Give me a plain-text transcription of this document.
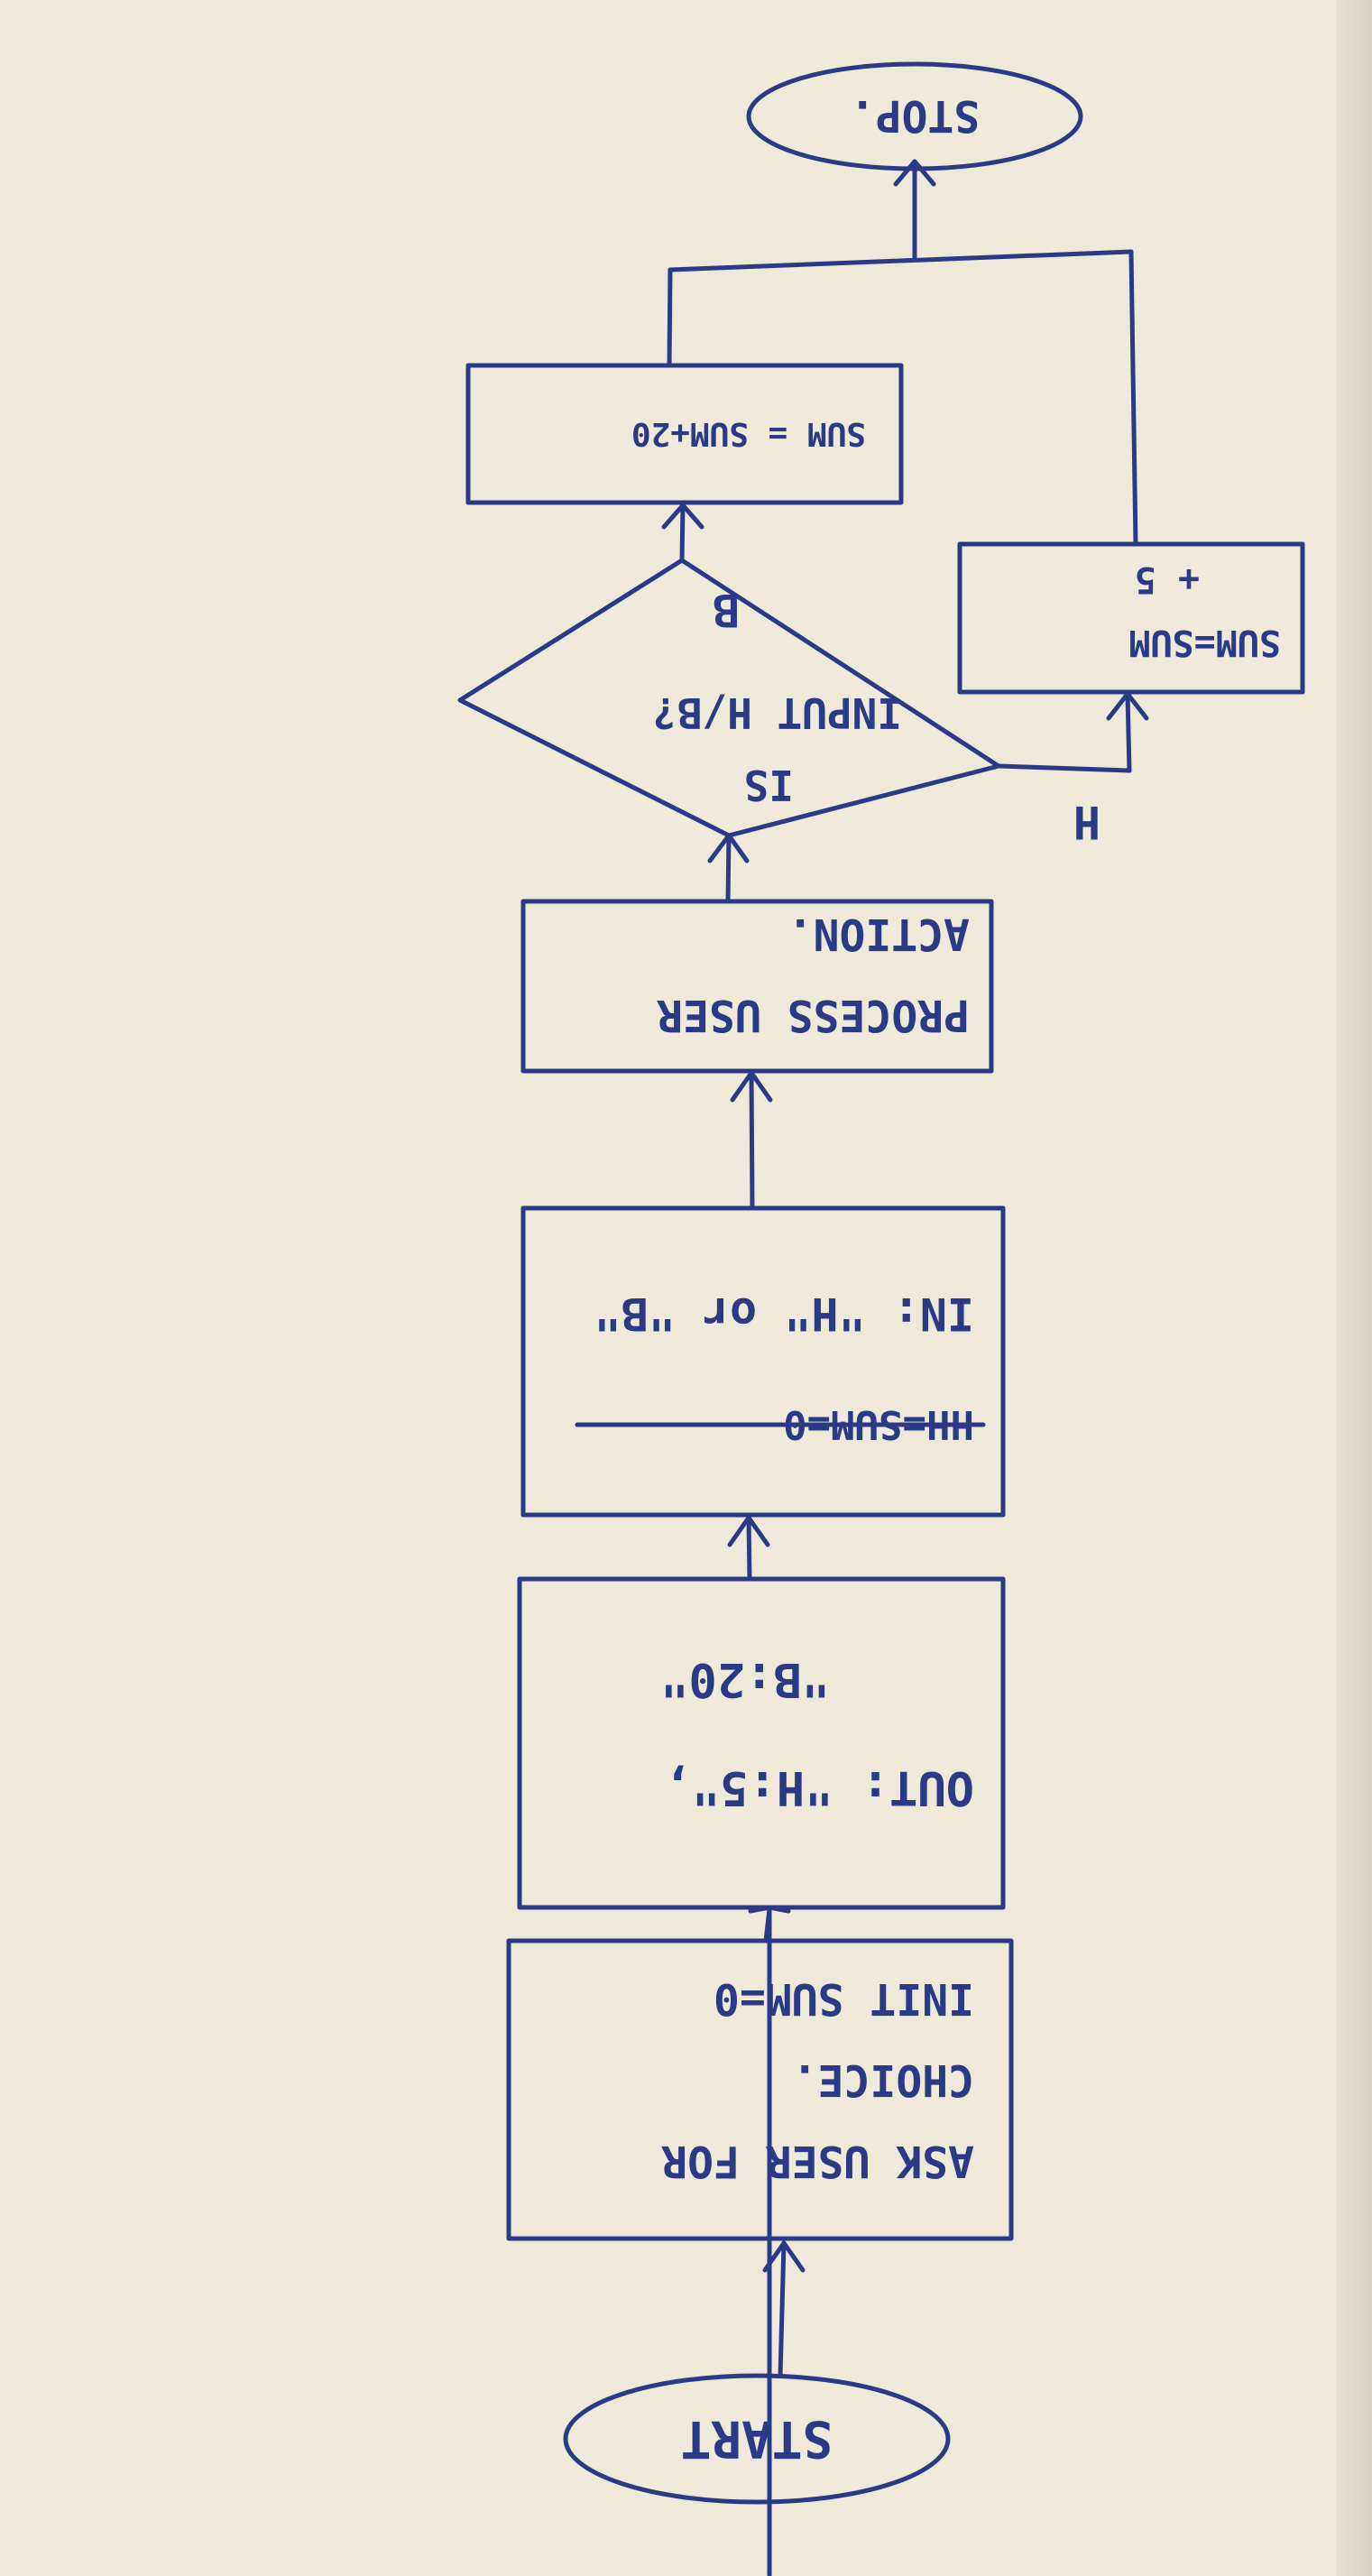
START
ASK USER FOR
CHOICE.
INIT SUM=0
OUT: "H:5",
"B:20"
HH=SUM=0
IN: "H" or "B"
PROCESS USER
ACTION.
IS
INPUT H/B?
H
B
SUM=SUM
+ 5
SUM = SUM+20
STOP.
